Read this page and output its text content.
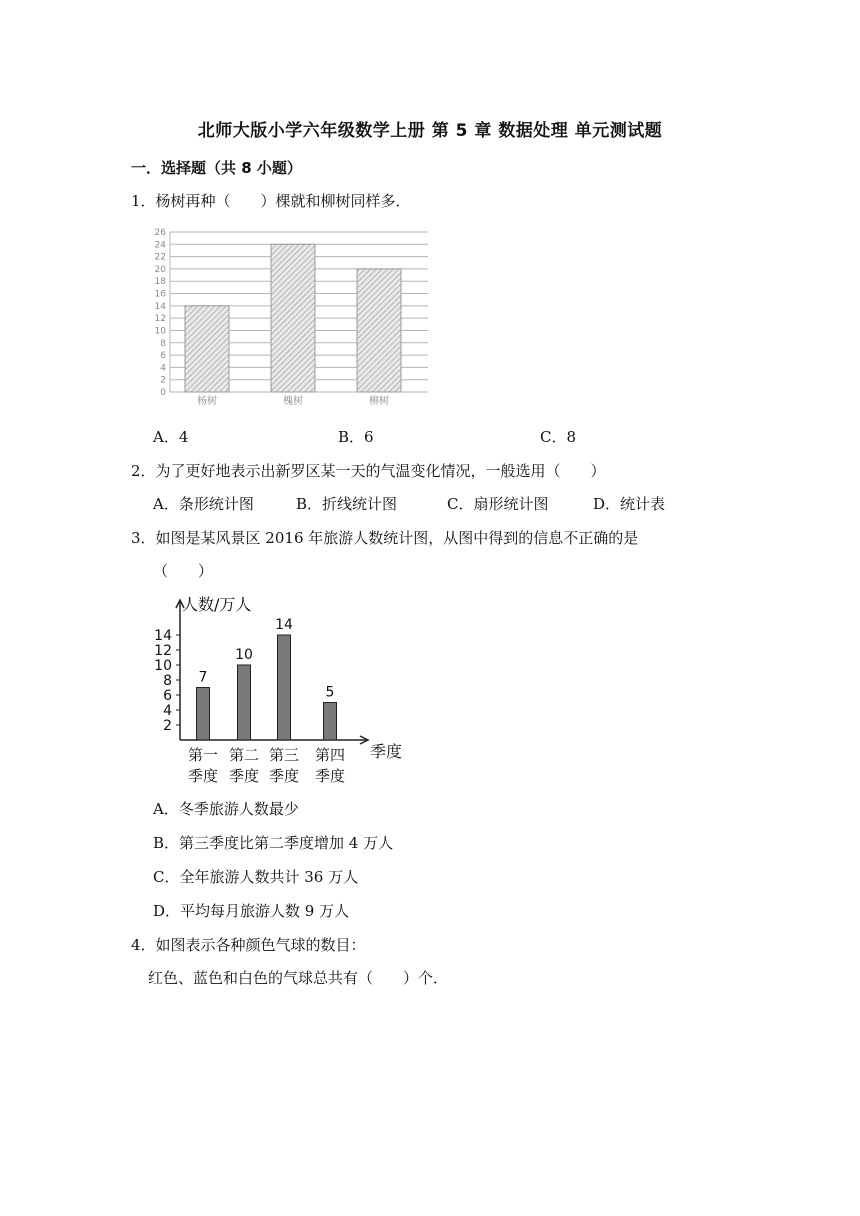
北师大版小学六年级数学上册 第 5 章 数据处理 单元测试题
一．选择题（共 8 小题）
1．杨树再种（　　）棵就和柳树同样多．
0
2
4
6
8
10
12
14
16
18
20
22
24
26
杨树	槐树	柳树
A．4	B．6	C．8
2．为了更好地表示出新罗区某一天的气温变化情况，一般选用（　　）
A．条形统计图	B．折线统计图	C．扇形统计图	D．统计表
3．如图是某风景区 2016 年旅游人数统计图，从图中得到的信息不正确的是
（　　）
人数/万人
季度
2
4
6
8
10
12
14
7
10
14
5
第一
季度
第二
季度
第三
季度
第四
季度
A．冬季旅游人数最少
B．第三季度比第二季度增加 4 万人
C．全年旅游人数共计 36 万人
D．平均每月旅游人数 9 万人
4．如图表示各种颜色气球的数目：
红色、蓝色和白色的气球总共有（　　）个．
